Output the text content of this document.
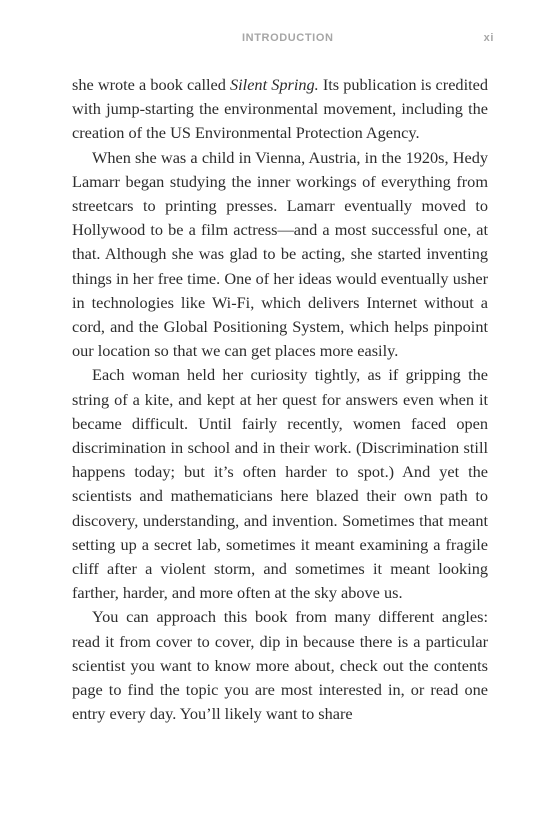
INTRODUCTION	xi

she wrote a book called Silent Spring. Its publication is credited with jump-starting the environmental movement, including the creation of the US Environmental Protection Agency.

When she was a child in Vienna, Austria, in the 1920s, Hedy Lamarr began studying the inner workings of everything from streetcars to printing presses. Lamarr eventually moved to Hollywood to be a film actress—and a most successful one, at that. Although she was glad to be acting, she started inventing things in her free time. One of her ideas would eventually usher in technologies like Wi-Fi, which delivers Internet without a cord, and the Global Positioning System, which helps pinpoint our location so that we can get places more easily.

Each woman held her curiosity tightly, as if gripping the string of a kite, and kept at her quest for answers even when it became difficult. Until fairly recently, women faced open discrimination in school and in their work. (Discrimination still happens today; but it’s often harder to spot.) And yet the scientists and mathematicians here blazed their own path to discovery, understanding, and invention. Sometimes that meant setting up a secret lab, sometimes it meant examining a fragile cliff after a violent storm, and sometimes it meant looking farther, harder, and more often at the sky above us.

You can approach this book from many different angles: read it from cover to cover, dip in because there is a particular scientist you want to know more about, check out the contents page to find the topic you are most interested in, or read one entry every day. You’ll likely want to share
